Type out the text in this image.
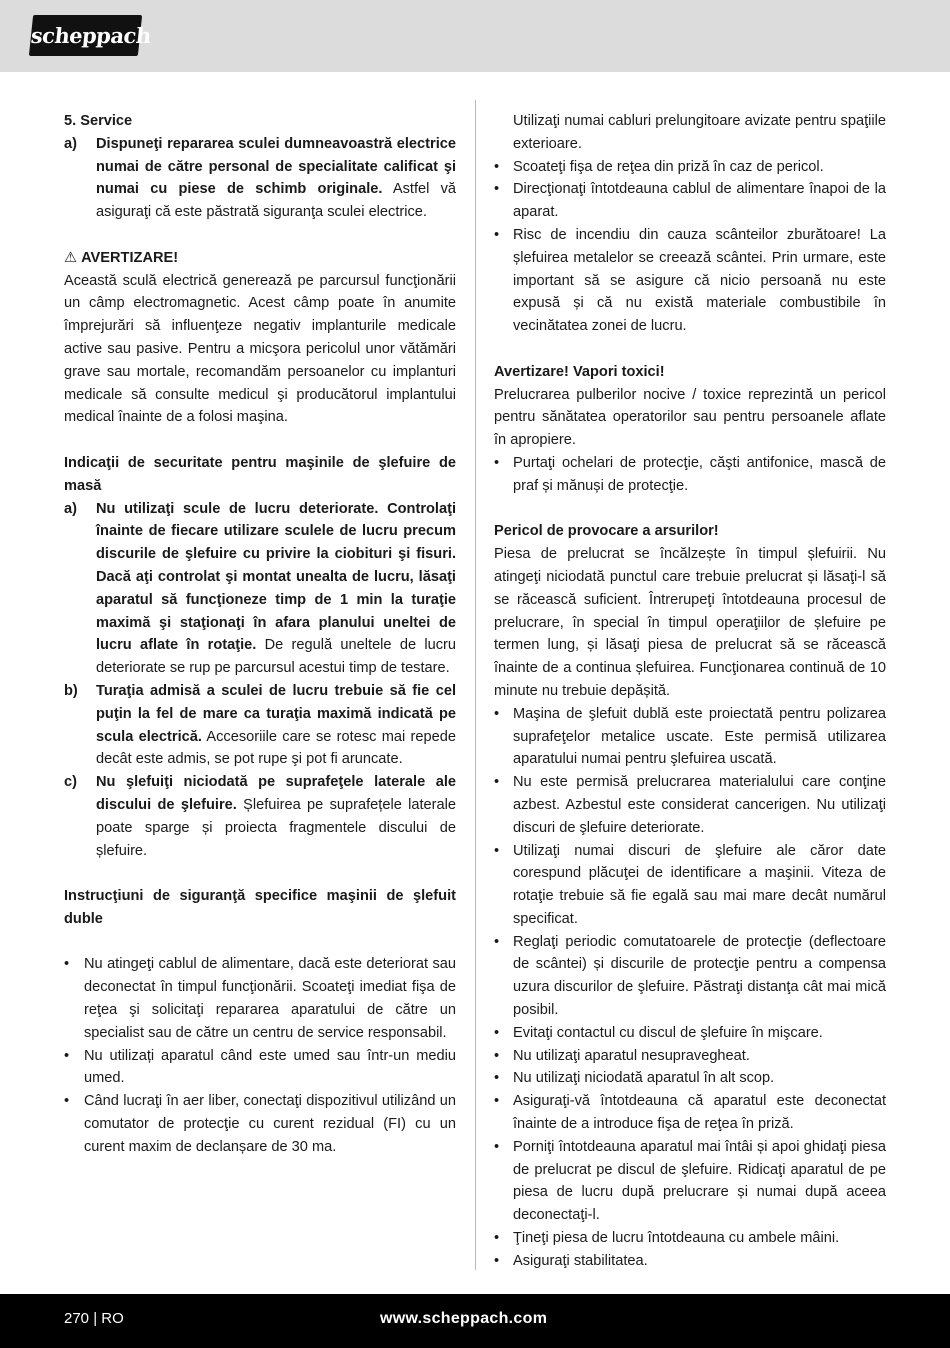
scheppach

5. Service

a) Dispuneţi repararea sculei dumneavoastră electrice numai de către personal de specialitate calificat şi numai cu piese de schimb originale. Astfel vă asiguraţi că este păstrată siguranţa sculei electrice.

⚠ AVERTIZARE!

Această sculă electrică generează pe parcursul funcţionării un câmp electromagnetic. Acest câmp poate în anumite împrejurări să influenţeze negativ implanturile medicale active sau pasive. Pentru a micşora pericolul unor vătămări grave sau mortale, recomandăm persoanelor cu implanturi medicale să consulte medicul şi producătorul implantului medical înainte de a folosi maşina.

Indicaţii de securitate pentru maşinile de şlefuire de masă

a) Nu utilizaţi scule de lucru deteriorate. Controlaţi înainte de fiecare utilizare sculele de lucru precum discurile de şlefuire cu privire la ciobituri şi fisuri. Dacă aţi controlat şi montat unealta de lucru, lăsaţi aparatul să funcţioneze timp de 1 min la turaţie maximă şi staţionaţi în afara planului uneltei de lucru aflate în rotaţie. De regulă uneltele de lucru deteriorate se rup pe parcursul acestui timp de testare.
b) Turaţia admisă a sculei de lucru trebuie să fie cel puţin la fel de mare ca turaţia maximă indicată pe scula electrică. Accesoriile care se rotesc mai repede decât este admis, se pot rupe şi pot fi aruncate.
c) Nu şlefuiţi niciodată pe suprafeţele laterale ale discului de şlefuire. Șlefuirea pe suprafețele laterale poate sparge și proiecta fragmentele discului de șlefuire.

Instrucţiuni de siguranţă specifice maşinii de şlefuit duble

• Nu atingeţi cablul de alimentare, dacă este deteriorat sau deconectat în timpul funcţionării. Scoateţi imediat fişa de reţea şi solicitaţi repararea aparatului de către un specialist sau de către un centru de service responsabil.
• Nu utilizați aparatul când este umed sau într-un mediu umed.
• Când lucraţi în aer liber, conectaţi dispozitivul utilizând un comutator de protecţie cu curent rezidual (FI) cu un curent maxim de declanșare de 30 ma.

Utilizaţi numai cabluri prelungitoare avizate pentru spaţiile exterioare.

• Scoateţi fişa de reţea din priză în caz de pericol.
• Direcţionaţi întotdeauna cablul de alimentare înapoi de la aparat.
• Risc de incendiu din cauza scânteilor zburătoare! La șlefuirea metalelor se creează scântei. Prin urmare, este important să se asigure că nicio persoană nu este expusă și că nu există materiale combustibile în vecinătatea zonei de lucru.

Avertizare! Vapori toxici!

Prelucrarea pulberilor nocive / toxice reprezintă un pericol pentru sănătatea operatorilor sau pentru persoanele aflate în apropiere.

• Purtaţi ochelari de protecţie, căşti antifonice, mască de praf și mănuși de protecţie.

Pericol de provocare a arsurilor!

Piesa de prelucrat se încălzește în timpul șlefuirii. Nu atingeţi niciodată punctul care trebuie prelucrat și lăsaţi-l să se răcească suficient. Întrerupeţi întotdeauna procesul de prelucrare, în special în timpul operaţiilor de șlefuire pe termen lung, și lăsaţi piesa de prelucrat să se răcească înainte de a continua șlefuirea. Funcţionarea continuă de 10 minute nu trebuie depășită.

• Maşina de şlefuit dublă este proiectată pentru polizarea suprafeţelor metalice uscate. Este permisă utilizarea aparatului numai pentru şlefuirea uscată.
• Nu este permisă prelucrarea materialului care conţine azbest. Azbestul este considerat cancerigen. Nu utilizaţi discuri de şlefuire deteriorate.
• Utilizaţi numai discuri de şlefuire ale căror date corespund plăcuţei de identificare a maşinii. Viteza de rotaţie trebuie să fie egală sau mai mare decât numărul specificat.
• Reglaţi periodic comutatoarele de protecţie (deflectoare de scântei) și discurile de protecţie pentru a compensa uzura discurilor de şlefuire. Păstraţi distanţa cât mai mică posibil.
• Evitaţi contactul cu discul de şlefuire în mişcare.
• Nu utilizaţi aparatul nesupravegheat.
• Nu utilizaţi niciodată aparatul în alt scop.
• Asiguraţi-vă întotdeauna că aparatul este deconectat înainte de a introduce fişa de reţea în priză.
• Porniţi întotdeauna aparatul mai întâi și apoi ghidaţi piesa de prelucrat pe discul de şlefuire. Ridicaţi aparatul de pe piesa de lucru după prelucrare și numai după aceea deconectaţi-l.
• Ţineţi piesa de lucru întotdeauna cu ambele mâini.
• Asiguraţi stabilitatea.
270 | RO	www.scheppach.com
